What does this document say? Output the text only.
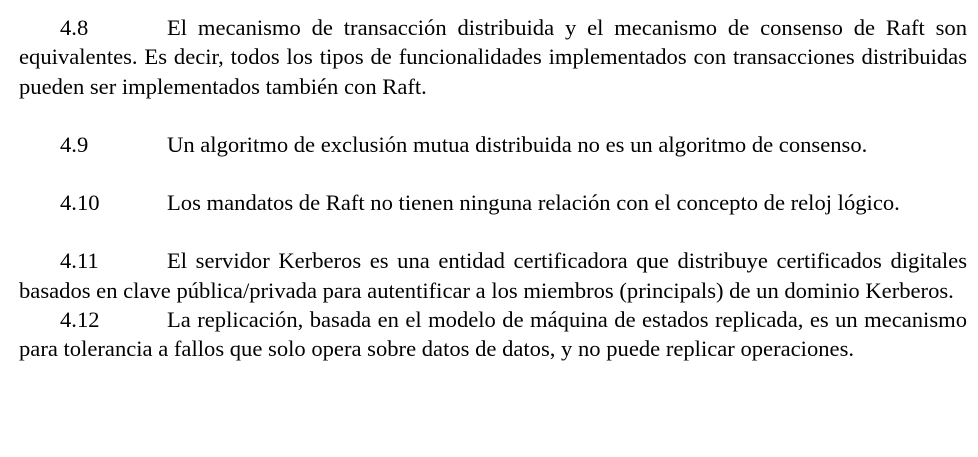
4.8	El mecanismo de transacción distribuida y el mecanismo de consenso de Raft son equivalentes. Es decir, todos los tipos de funcionalidades implementados con transacciones distribuidas pueden ser implementados también con Raft.

4.9	Un algoritmo de exclusión mutua distribuida no es un algoritmo de consenso.

4.10	Los mandatos de Raft no tienen ninguna relación con el concepto de reloj lógico.

4.11	El servidor Kerberos es una entidad certificadora que distribuye certificados digitales basados en clave pública/privada para autentificar a los miembros (principals) de un dominio Kerberos.

4.12	La replicación, basada en el modelo de máquina de estados replicada, es un mecanismo para tolerancia a fallos que solo opera sobre datos de datos, y no puede replicar operaciones.
